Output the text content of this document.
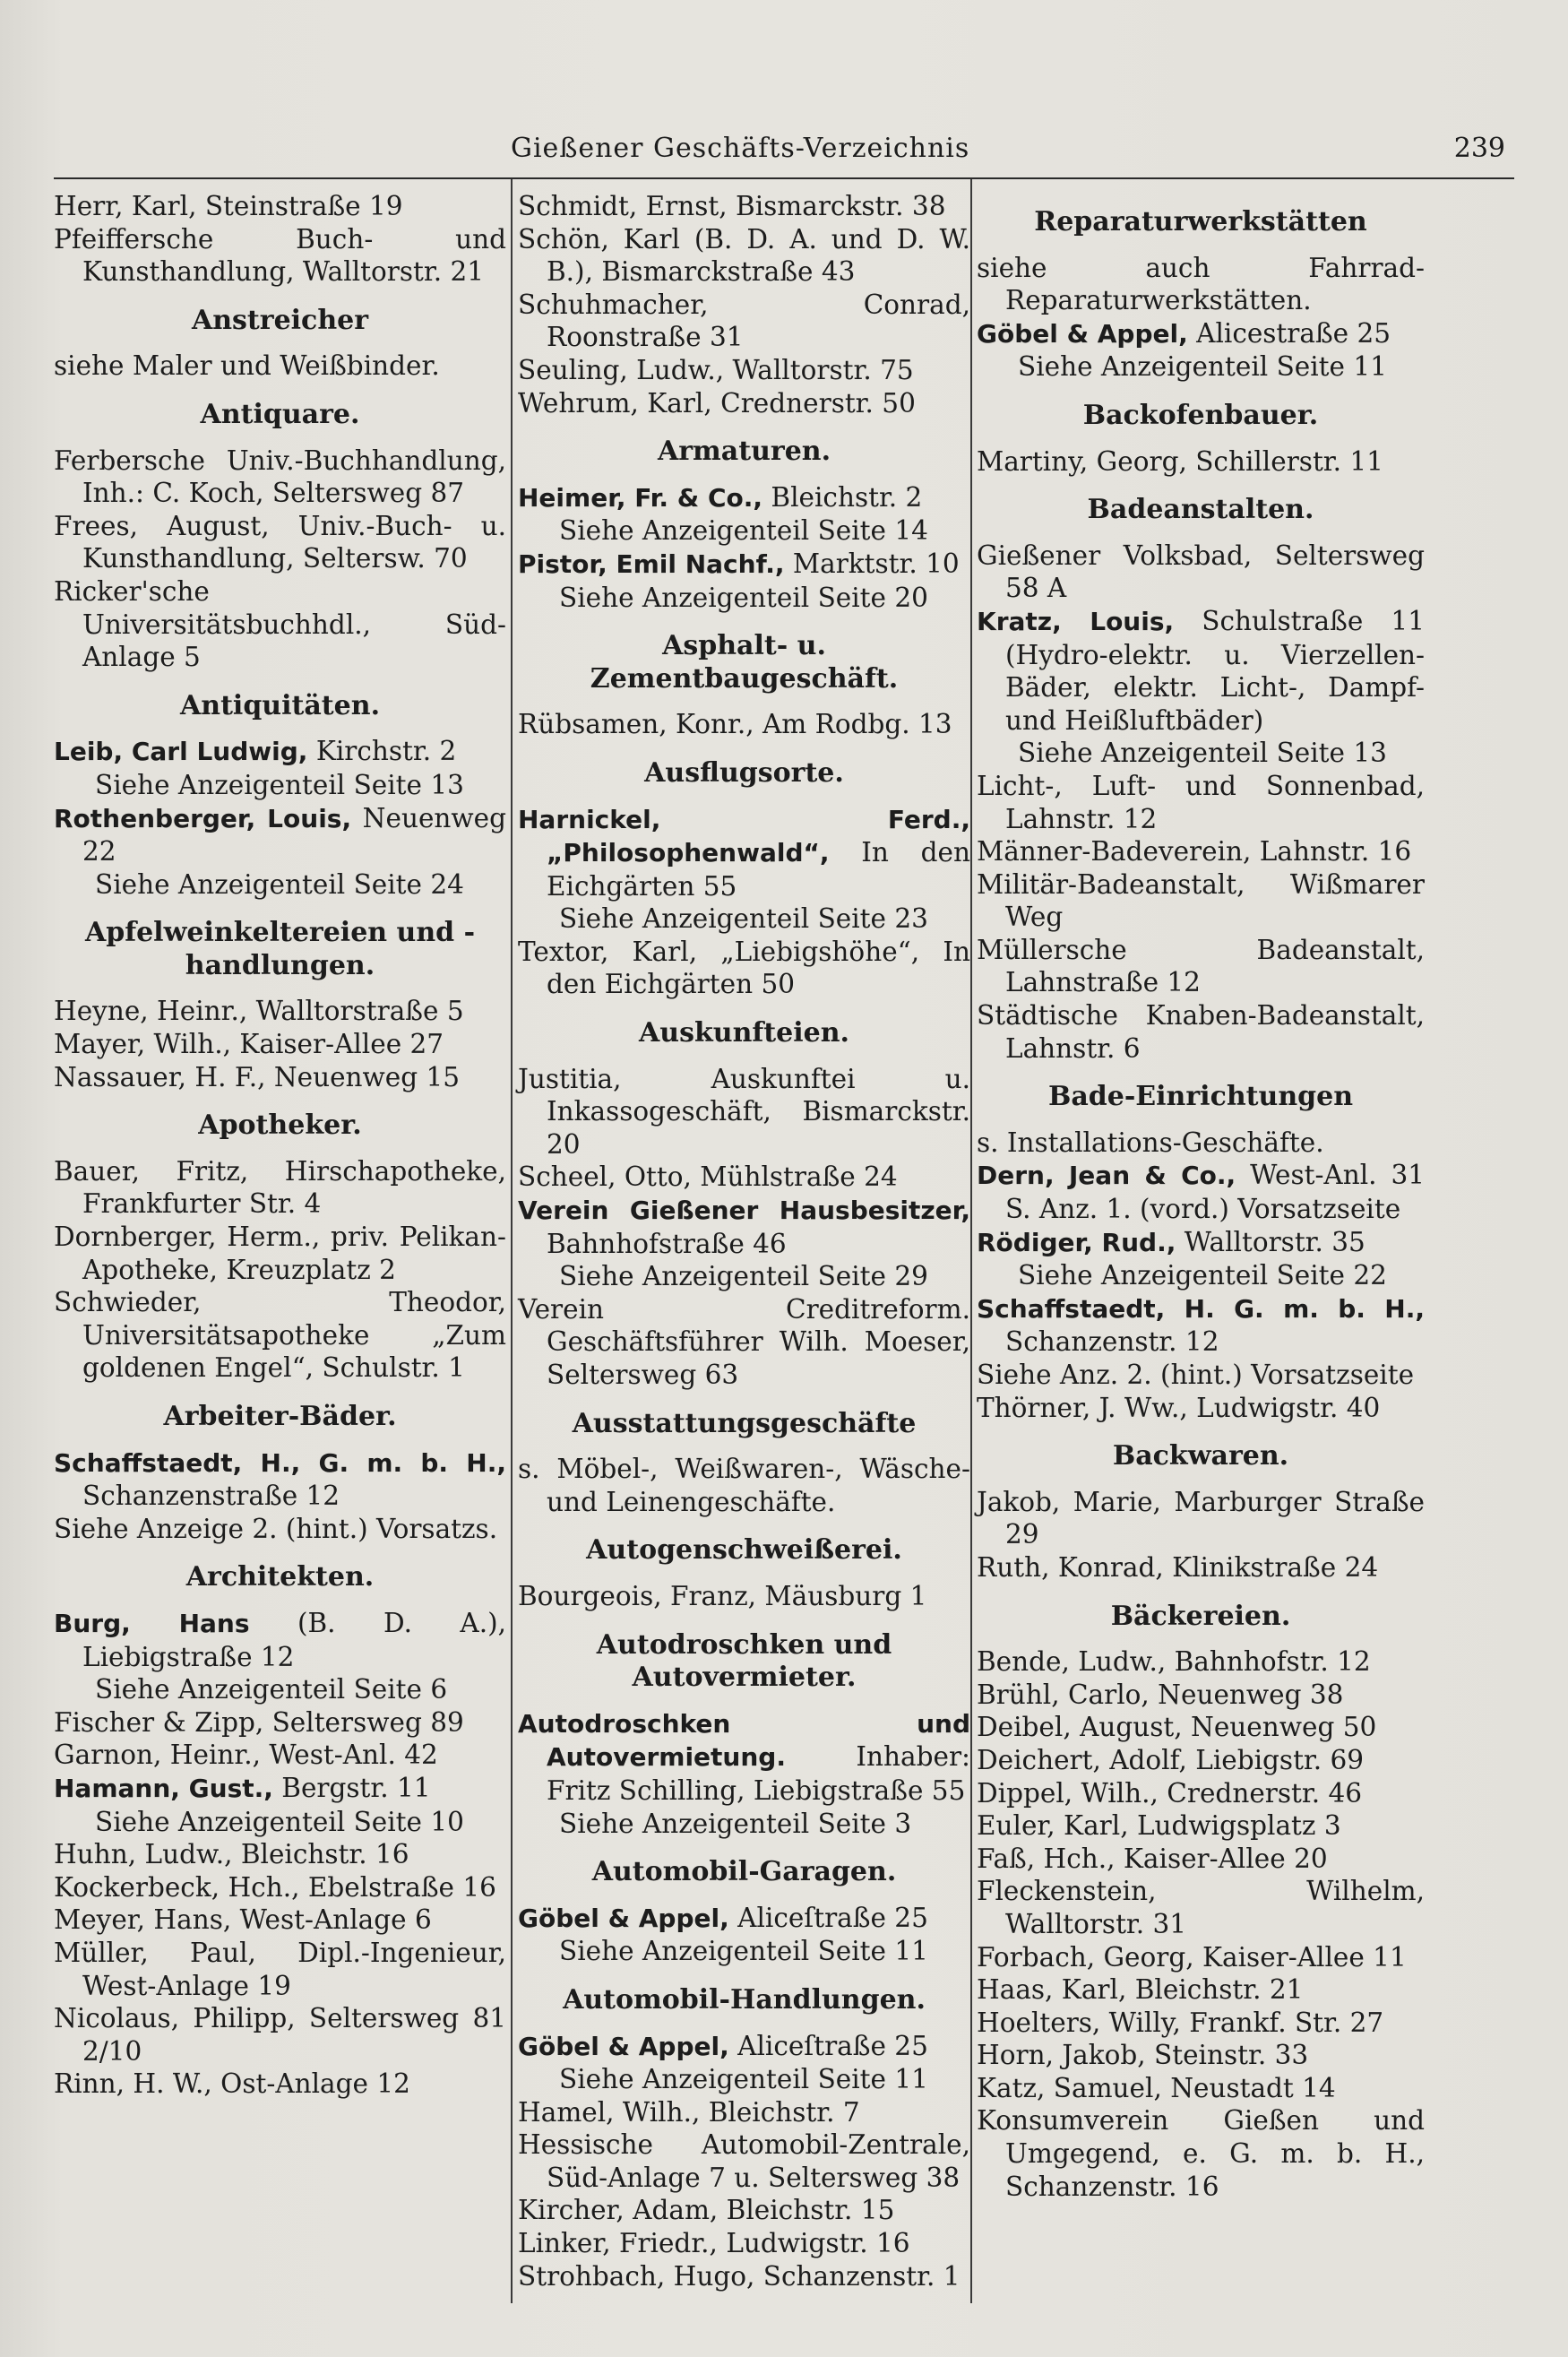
Gießener Geschäfts-Verzeichnis	239
Herr, Karl, Steinstraße 19
Pfeiffersche Buch- und Kunsthandlung, Walltorstr. 21
Anstreicher
siehe Maler und Weißbinder.
Antiquare.
Ferbersche Univ.-Buchhandlung, Inh.: C. Koch, Seltersweg 87
Frees, August, Univ.-Buch- u. Kunsthandlung, Seltersw. 70
Ricker'sche Universitätsbuchhdl., Süd-Anlage 5
Antiquitäten.
Leib, Carl Ludwig, Kirchstr. 2
Siehe Anzeigenteil Seite 13
Rothenberger, Louis, Neuenweg 22
Siehe Anzeigenteil Seite 24
Apfelweinkeltereien und -handlungen.
Heyne, Heinr., Walltorstraße 5
Mayer, Wilh., Kaiser-Allee 27
Nassauer, H. F., Neuenweg 15
Apotheker.
Bauer, Fritz, Hirschapotheke, Frankfurter Str. 4
Dornberger, Herm., priv. Pelikan-Apotheke, Kreuzplatz 2
Schwieder, Theodor, Universitätsapotheke „Zum goldenen Engel“, Schulstr. 1
Arbeiter-Bäder.
Schaffstaedt, H., G. m. b. H., Schanzenstraße 12
Siehe Anzeige 2. (hint.) Vorsatzs.
Architekten.
Burg, Hans (B. D. A.), Liebigstraße 12
Siehe Anzeigenteil Seite 6
Fischer & Zipp, Seltersweg 89
Garnon, Heinr., West-Anl. 42
Hamann, Gust., Bergstr. 11
Siehe Anzeigenteil Seite 10
Huhn, Ludw., Bleichstr. 16
Kockerbeck, Hch., Ebelstraße 16
Meyer, Hans, West-Anlage 6
Müller, Paul, Dipl.-Ingenieur, West-Anlage 19
Nicolaus, Philipp, Seltersweg 81 2/10
Rinn, H. W., Ost-Anlage 12
Schmidt, Ernst, Bismarckstr. 38
Schön, Karl (B. D. A. und D. W. B.), Bismarckstraße 43
Schuhmacher, Conrad, Roonstraße 31
Seuling, Ludw., Walltorstr. 75
Wehrum, Karl, Crednerstr. 50
Armaturen.
Heimer, Fr. & Co., Bleichstr. 2
Siehe Anzeigenteil Seite 14
Pistor, Emil Nachf., Marktstr. 10
Siehe Anzeigenteil Seite 20
Asphalt- u. Zementbaugeschäft.
Rübsamen, Konr., Am Rodbg. 13
Ausflugsorte.
Harnickel, Ferd., „Philosophenwald“, In den Eichgärten 55
Siehe Anzeigenteil Seite 23
Textor, Karl, „Liebigshöhe“, In den Eichgärten 50
Auskunfteien.
Justitia, Auskunftei u. Inkassogeschäft, Bismarckstr. 20
Scheel, Otto, Mühlstraße 24
Verein Gießener Hausbesitzer, Bahnhofstraße 46
Siehe Anzeigenteil Seite 29
Verein Creditreform. Geschäftsführer Wilh. Moeser, Seltersweg 63
Ausstattungsgeschäfte
s. Möbel-, Weißwaren-, Wäsche- und Leinengeschäfte.
Autogenschweißerei.
Bourgeois, Franz, Mäusburg 1
Autodroschken und Autovermieter.
Autodroschken und Autovermietung.	Inhaber: Fritz Schilling, Liebigstraße 55
Siehe Anzeigenteil Seite 3
Automobil-Garagen.
Göbel & Appel, Aliceſtraße 25
Siehe Anzeigenteil Seite 11
Automobil-Handlungen.
Göbel & Appel, Aliceſtraße 25
Siehe Anzeigenteil Seite 11
Hamel, Wilh., Bleichstr. 7
Hessische Automobil-Zentrale, Süd-Anlage 7 u. Seltersweg 38
Kircher, Adam, Bleichstr. 15
Linker, Friedr., Ludwigstr. 16
Strohbach, Hugo, Schanzenstr. 1
Reparaturwerkstätten
siehe auch Fahrrad-Reparaturwerkstätten.
Göbel & Appel, Alicestraße 25
Siehe Anzeigenteil Seite 11
Backofenbauer.
Martiny, Georg, Schillerstr. 11
Badeanstalten.
Gießener Volksbad, Seltersweg 58 A
Kratz, Louis, Schulstraße 11 (Hydro-elektr. u. Vierzellen-Bäder, elektr. Licht-, Dampf- und Heißluftbäder)
Siehe Anzeigenteil Seite 13
Licht-, Luft- und Sonnenbad, Lahnstr. 12
Männer-Badeverein, Lahnstr. 16
Militär-Badeanstalt, Wißmarer Weg
Müllersche Badeanstalt, Lahnstraße 12
Städtische Knaben-Badeanstalt, Lahnstr. 6
Bade-Einrichtungen
s. Installations-Geschäfte.
Dern, Jean & Co., West-Anl. 31 S. Anz. 1. (vord.) Vorsatzseite
Rödiger, Rud., Walltorstr. 35
Siehe Anzeigenteil Seite 22
Schaffstaedt, H. G. m. b. H., Schanzenstr. 12
Siehe Anz. 2. (hint.) Vorsatzseite
Thörner, J. Ww., Ludwigstr. 40
Backwaren.
Jakob, Marie, Marburger Straße 29
Ruth, Konrad, Klinikstraße 24
Bäckereien.
Bende, Ludw., Bahnhofstr. 12
Brühl, Carlo, Neuenweg 38
Deibel, August, Neuenweg 50
Deichert, Adolf, Liebigstr. 69
Dippel, Wilh., Crednerstr. 46
Euler, Karl, Ludwigsplatz 3
Faß, Hch., Kaiser-Allee 20
Fleckenstein, Wilhelm, Walltorstr. 31
Forbach, Georg, Kaiser-Allee 11
Haas, Karl, Bleichstr. 21
Hoelters, Willy, Frankf. Str. 27
Horn, Jakob, Steinstr. 33
Katz, Samuel, Neustadt 14
Konsumverein Gießen und Umgegend, e. G. m. b. H., Schanzenstr. 16
